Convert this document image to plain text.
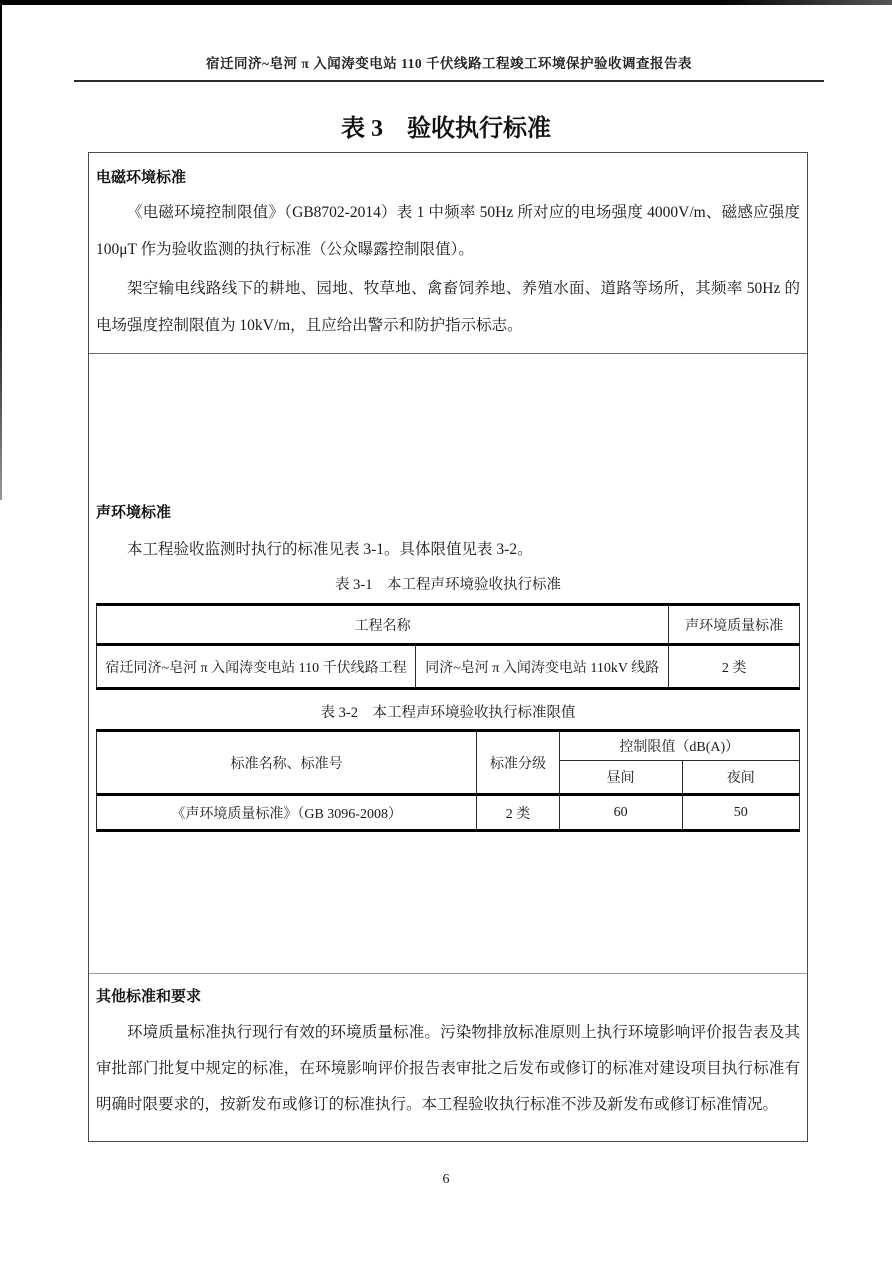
宿迁同济~皂河 π 入闻涛变电站 110 千伏线路工程竣工环境保护验收调查报告表
表 3　验收执行标准
电磁环境标准

《电磁环境控制限值》（GB8702-2014）表 1 中频率 50Hz 所对应的电场强度 4000V/m、磁感应强度 100μT 作为验收监测的执行标准（公众曝露控制限值）。

架空输电线路线下的耕地、园地、牧草地、禽畜饲养地、养殖水面、道路等场所，其频率 50Hz 的电场强度控制限值为 10kV/m，且应给出警示和防护指示标志。

声环境标准

本工程验收监测时执行的标准见表 3-1。具体限值见表 3-2。

表 3-1　本工程声环境验收执行标准
工程名称		声环境质量标准
宿迁同济~皂河 π 入闻涛变电站 110 千伏线路工程	同济~皂河 π 入闻涛变电站 110kV 线路	2 类
表 3-2　本工程声环境验收执行标准限值
标准名称、标准号	标准分级	控制限值（dB(A)）	
		昼间	夜间
《声环境质量标准》（GB 3096-2008）	2 类	60	50
其他标准和要求

环境质量标准执行现行有效的环境质量标准。污染物排放标准原则上执行环境影响评价报告表及其审批部门批复中规定的标准，在环境影响评价报告表审批之后发布或修订的标准对建设项目执行标准有明确时限要求的，按新发布或修订的标准执行。本工程验收执行标准不涉及新发布或修订标准情况。

6
